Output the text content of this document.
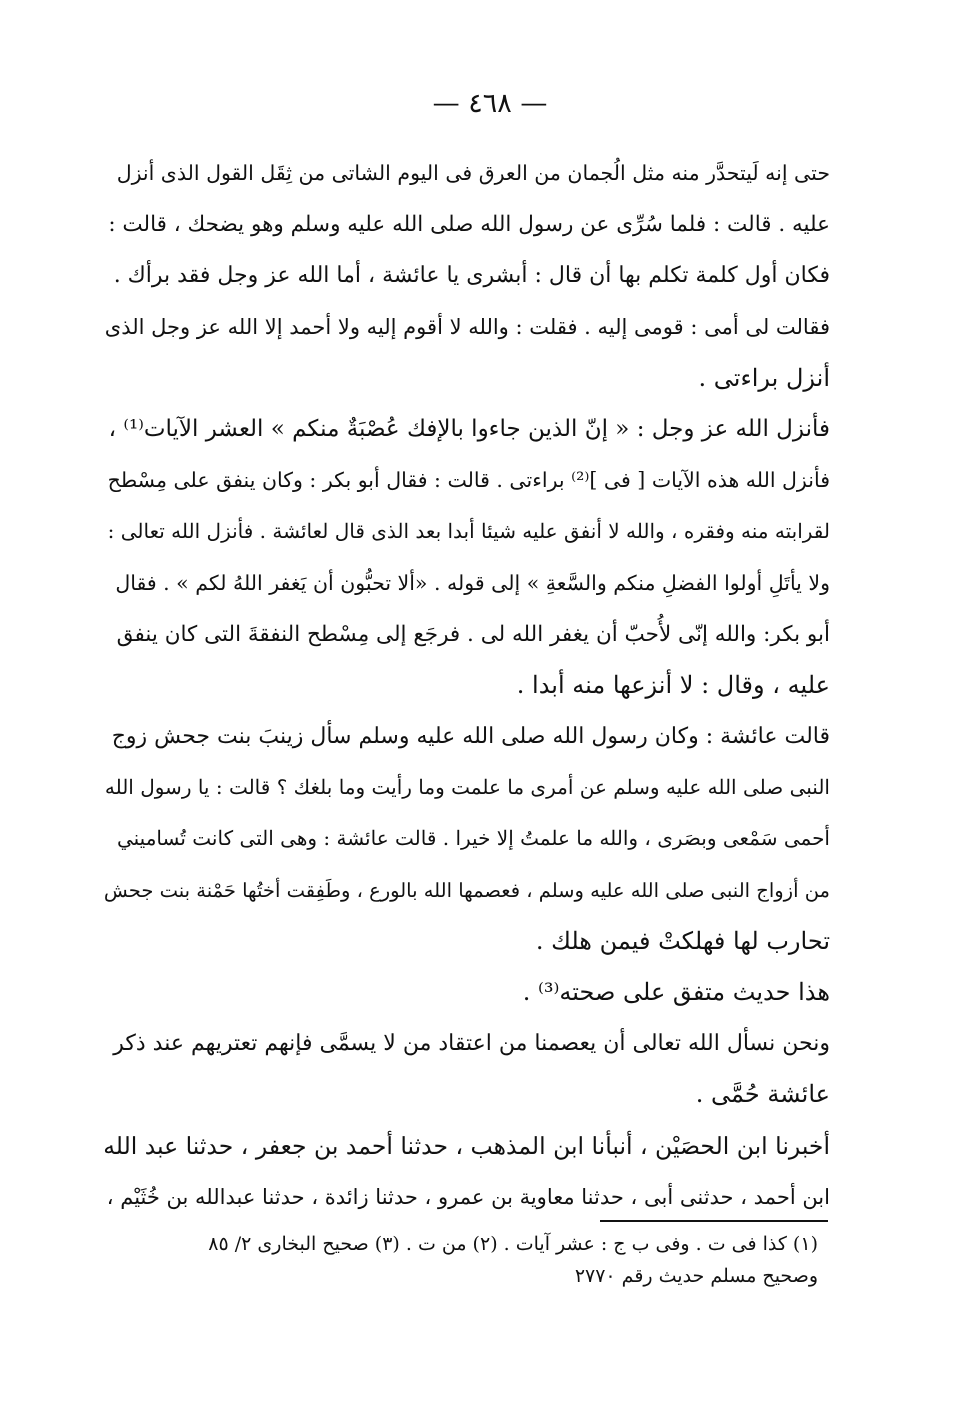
— ٤٦٨ —
حتى إنه لَيتحدَّر منه مثل الُجمان من العرق فى اليوم الشاتى من ثِقَل القول الذى أنزل
عليه . قالت : فلما سُرِّى عن رسول الله صلى الله عليه وسلم وهو يضحك ، قالت :
فكان أول كلمة تكلم بها أن قال : أبشرى يا عائشة ، أما الله عز وجل فقد برأك .
فقالت لى أمى : قومى إليه . فقلت : والله لا أقوم إليه ولا أحمد إلا الله عز وجل الذى
أنزل براءتى .
فأنزل الله عز وجل : « إنّ الذين جاءوا بالإفك عُصْبَةٌ منكم » العشر الآيات⁽¹⁾ ،
فأنزل الله هذه الآيات [ فى ]⁽²⁾ براءتى . قالت : فقال أبو بكر : وكان ينفق على مِسْطح
لقرابته منه وفقره ، والله لا أنفق عليه شيئا أبدا بعد الذى قال لعائشة . فأنزل الله تعالى :
ولا يأتَلِ أولوا الفضلِ منكم والسَّعةِ » إلى قوله . «ألا تحبُّون أن يَغفر اللهُ لكم » . فقال
أبو بكر: والله إنّى لأُحبّ أن يغفر الله لى . فرجَع إلى مِسْطح النفقةَ التى كان ينفق
عليه ، وقال : لا أنزعها منه أبدا .
قالت عائشة : وكان رسول الله صلى الله عليه وسلم سأل زينبَ بنت جحش زوج
النبى صلى الله عليه وسلم عن أمرى ما علمت وما رأيت وما بلغك ؟ قالت : يا رسول الله
أحمى سَمْعى وبصَرى ، والله ما علمتُ إلا خيرا . قالت عائشة : وهى التى كانت تُساميني
من أزواج النبى صلى الله عليه وسلم ، فعصمها الله بالورع ، وطَفِقت أختُها حَمْنة بنت جحش
تحارب لها فهلكتْ فيمن هلك .
هذا حديث متفق على صحته⁽³⁾ .
ونحن نسأل الله تعالى أن يعصمنا من اعتقاد من لا يسمَّى فإنهم تعتريهم عند ذكر
عائشة حُمَّى .
أخبرنا ابن الحصَيْن ، أنبأنا ابن المذهب ، حدثنا أحمد بن جعفر ، حدثنا عبد الله
ابن أحمد ، حدثنى أبى ، حدثنا معاوية بن عمرو ، حدثنا زائدة ، حدثنا عبدالله بن خُثَيْم ،
(١) كذا فى ت . وفى ب ج : عشر آيات . (٢) من ت . (٣) صحيح البخارى ٢/ ٨٥
وصحيح مسلم حديث رقم ٢٧٧٠
